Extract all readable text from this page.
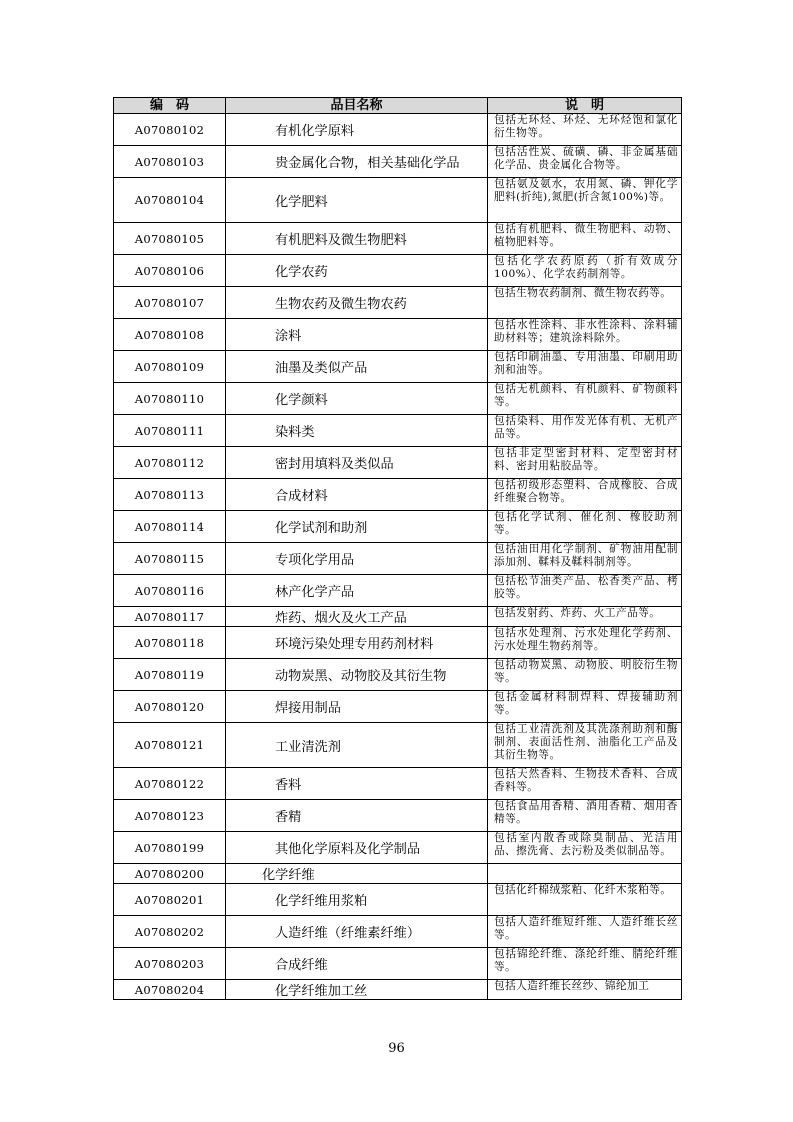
编　码	品目名称	说　明
A07080102	有机化学原料	包括无环烃、环烃、无环烃饱和氯化衍生物等。
A07080103	贵金属化合物，相关基础化学品	包括活性炭、硫磺、磷、非金属基础化学品、贵金属化合物等。
A07080104	化学肥料	包括氨及氨水，农用氮、磷、钾化学肥料(折纯),氮肥(折含氮100%)等。
A07080105	有机肥料及微生物肥料	包括有机肥料、微生物肥料、动物、植物肥料等。
A07080106	化学农药	包括化学农药原药（折有效成分100%）、化学农药制剂等。
A07080107	生物农药及微生物农药	包括生物农药制剂、微生物农药等。
A07080108	涂料	包括水性涂料、非水性涂料、涂料辅助材料等；建筑涂料除外。
A07080109	油墨及类似产品	包括印刷油墨、专用油墨、印刷用助剂和油等。
A07080110	化学颜料	包括无机颜料、有机颜料、矿物颜料等。
A07080111	染料类	包括染料、用作发光体有机、无机产品等。
A07080112	密封用填料及类似品	包括非定型密封材料、定型密封材料、密封用粘胶品等。
A07080113	合成材料	包括初级形态塑料、合成橡胶、合成纤维聚合物等。
A07080114	化学试剂和助剂	包括化学试剂、催化剂、橡胶助剂等。
A07080115	专项化学用品	包括油田用化学制剂、矿物油用配制添加剂、鞣料及鞣料制剂等。
A07080116	林产化学产品	包括松节油类产品、松香类产品、栲胶等。
A07080117	炸药、烟火及火工产品	包括发射药、炸药、火工产品等。
A07080118	环境污染处理专用药剂材料	包括水处理剂、污水处理化学药剂、污水处理生物药剂等。
A07080119	动物炭黑、动物胶及其衍生物	包括动物炭黑、动物胶、明胶衍生物等。
A07080120	焊接用制品	包括金属材料制焊料、焊接辅助剂等。
A07080121	工业清洗剂	包括工业清洗剂及其洗涤剂助剂和酶制剂、表面活性剂、油脂化工产品及其衍生物等。
A07080122	香料	包括天然香料、生物技术香料、合成香料等。
A07080123	香精	包括食品用香精、酒用香精、烟用香精等。
A07080199	其他化学原料及化学制品	包括室内散香或除臭制品、光洁用品、擦洗膏、去污粉及类似制品等。
A07080200	化学纤维	
A07080201	化学纤维用浆粕	包括化纤棉绒浆粕、化纤木浆粕等。
A07080202	人造纤维（纤维素纤维）	包括人造纤维短纤维、人造纤维长丝等。
A07080203	合成纤维	包括锦纶纤维、涤纶纤维、腈纶纤维等。
A07080204	化学纤维加工丝	包括人造纤维长丝纱、锦纶加工
96
